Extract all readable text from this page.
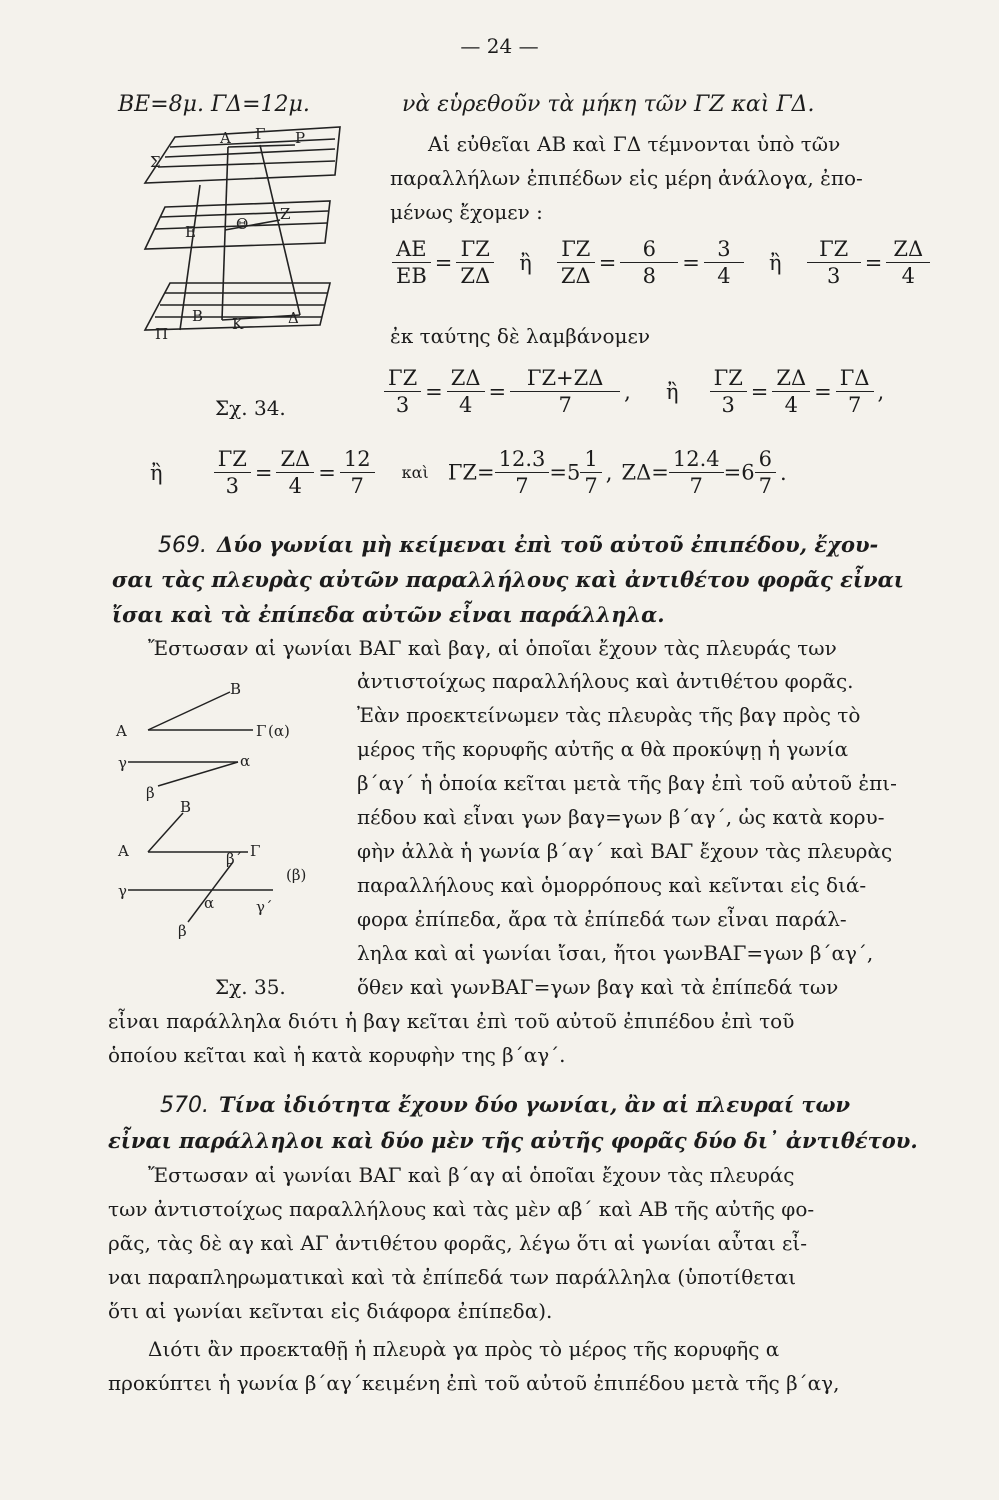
— 24 —
ΒΕ=8μ. ΓΔ=12μ.	νὰ εὑρεθοῦν τὰ μήκη τῶν ΓΖ καὶ ΓΔ.
Σ
Α Γ Ρ
Ε	Θ
Ζ
Β Κ	Δ
Π
Αἱ εὐθεῖαι ΑΒ καὶ ΓΔ τέμνονται ὑπὸ τῶν
παραλλήλων ἐπιπέδων εἰς μέρη ἀνάλογα, ἐπο-
μένως ἔχομεν :
$\frac{AE}{EB} = \frac{\Gamma Z}{Z\Delta}$ ἢ $\frac{\Gamma Z}{Z\Delta} = \frac{6}{8} = \frac{3}{4}$ ἢ $\frac{\Gamma Z}{3} = \frac{Z\Delta}{4}$
ἐκ ταύτης δὲ λαμβάνομεν
Σχ. 34.	$\frac{\Gamma Z}{3} = \frac{Z\Delta}{4} = \frac{\Gamma Z+Z\Delta}{7}$ , ἢ $\frac{\Gamma Z}{3} = \frac{Z\Delta}{4} = \frac{\Gamma\Delta}{7}$ ,
ἢ $\frac{\Gamma Z}{3} = \frac{Z\Delta}{4} = \frac{12}{7}$ καὶ $\Gamma Z= \frac{12.3}{7} =5 \frac{1}{7}$ , $Z\Delta= \frac{12.4}{7} =6 \frac{6}{7}$ .
569. Δύο γωνίαι μὴ κείμεναι ἐπὶ τοῦ αὐτοῦ ἐπιπέδου, ἔχου-
σαι τὰς πλευρὰς αὐτῶν παραλλήλους καὶ ἀντιθέτου φορᾶς εἶναι
ἴσαι καὶ τὰ ἐπίπεδα αὐτῶν εἶναι παράλληλα.
Ἔστωσαν αἱ γωνίαι ΒΑΓ καὶ βαγ, αἱ ὁποῖαι ἔχουν τὰς πλευράς των
ἀντιστοίχως παραλλήλους καὶ ἀντιθέτου φορᾶς.
Ἐὰν προεκτείνωμεν τὰς πλευρὰς τῆς βαγ πρὸς τὸ
μέρος τῆς κορυφῆς αὐτῆς α θὰ προκύψῃ ἡ γωνία
β΄αγ΄ ἡ ὁποία κεῖται μετὰ τῆς βαγ ἐπὶ τοῦ αὐτοῦ ἐπι-
πέδου καὶ εἶναι γων βαγ=γων β΄αγ΄, ὡς κατὰ κορυ-
φὴν ἀλλὰ ἡ γωνία β΄αγ΄ καὶ ΒΑΓ ἔχουν τὰς πλευρὰς
παραλλήλους καὶ ὁμορρόπους καὶ κεῖνται εἰς διά-
φορα ἐπίπεδα, ἄρα τὰ ἐπίπεδά των εἶναι παράλ-
ληλα καὶ αἱ γωνίαι ἴσαι, ἤτοι γωνΒΑΓ=γων β΄αγ΄,
ὅθεν καὶ γωνΒΑΓ=γων βαγ καὶ τὰ ἐπίπεδά των
Β
Α	Γ
γ	α
β
Β
Α	Γ
β΄
γ
α	γ΄
β
(α)
(β)
Σχ. 35.
εἶναι παράλληλα διότι ἡ βαγ κεῖται ἐπὶ τοῦ αὐτοῦ ἐπιπέδου ἐπὶ τοῦ
ὁποίου κεῖται καὶ ἡ κατὰ κορυφὴν της β΄αγ΄.
570. Τίνα ἰδιότητα ἔχουν δύο γωνίαι, ἂν αἱ πλευραί των
εἶναι παράλληλοι καὶ δύο μὲν τῆς αὐτῆς φορᾶς δύο δι᾽ ἀντιθέτου.
Ἔστωσαν αἱ γωνίαι ΒΑΓ καὶ β΄αγ αἱ ὁποῖαι ἔχουν τὰς πλευράς
των ἀντιστοίχως παραλλήλους καὶ τὰς μὲν αβ΄ καὶ ΑΒ τῆς αὐτῆς φο-
ρᾶς, τὰς δὲ αγ καὶ ΑΓ ἀντιθέτου φορᾶς, λέγω ὅτι αἱ γωνίαι αὗται εἶ-
ναι παραπληρωματικαὶ καὶ τὰ ἐπίπεδά των παράλληλα (ὑποτίθεται
ὅτι αἱ γωνίαι κεῖνται εἰς διάφορα ἐπίπεδα).
Διότι ἂν προεκταθῇ ἡ πλευρὰ γα πρὸς τὸ μέρος τῆς κορυφῆς α
προκύπτει ἡ γωνία β΄αγ΄κειμένη ἐπὶ τοῦ αὐτοῦ ἐπιπέδου μετὰ τῆς β΄αγ,
